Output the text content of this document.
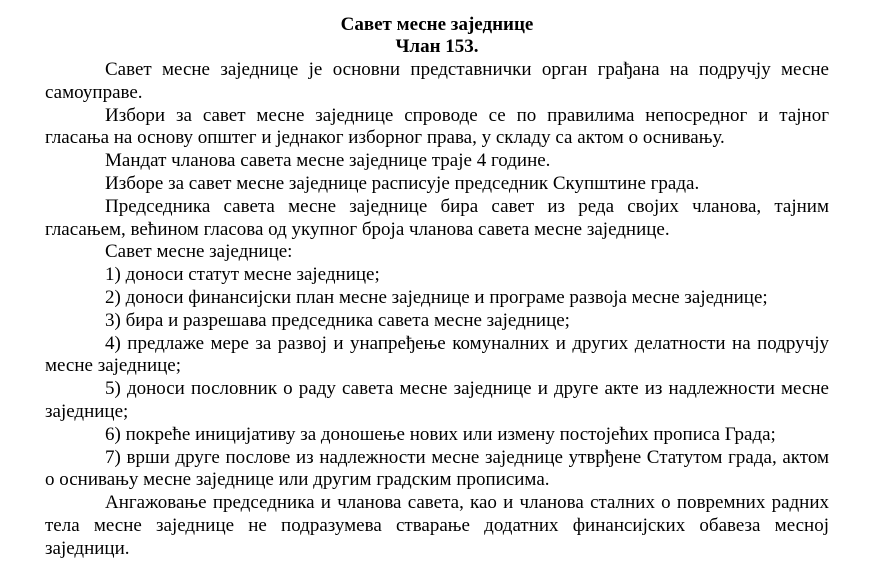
Савет месне заједнице
Члан 153.

Савет месне заједнице је основни представнички орган грађана на подручју месне самоуправе.

Избори за савет месне заједнице спроводе се по правилима непосредног и тајног гласања на основу општег и једнаког изборног права, у складу са актом о оснивању.

Мандат чланова савета месне заједнице траје 4 године.

Изборе за савет месне заједнице расписује председник Скупштине града.

Председника савета месне заједнице бира савет из реда својих чланова, тајним гласањем, већином гласова од укупног броја чланова савета месне заједнице.

Савет месне заједнице:

1) доноси статут месне заједнице;

2) доноси финансијски план месне заједнице и програме развоја месне заједнице;

3) бира и разрешава председника савета месне заједнице;

4) предлаже мере за развој и унапређење комуналних и других делатности на подручју месне заједнице;

5) доноси пословник о раду савета месне заједнице и друге акте из надлежности месне заједнице;

6) покреће иницијативу за доношење нових или измену постојећих прописа Града;

7) врши друге послове из надлежности месне заједнице утврђене Статутом града, актом о оснивању месне заједнице или другим градским прописима.

Ангажовање председника и чланова савета, као и чланова сталних о повремних радних тела месне заједнице не подразумева стварање додатних финансијских обавеза месној заједници.
